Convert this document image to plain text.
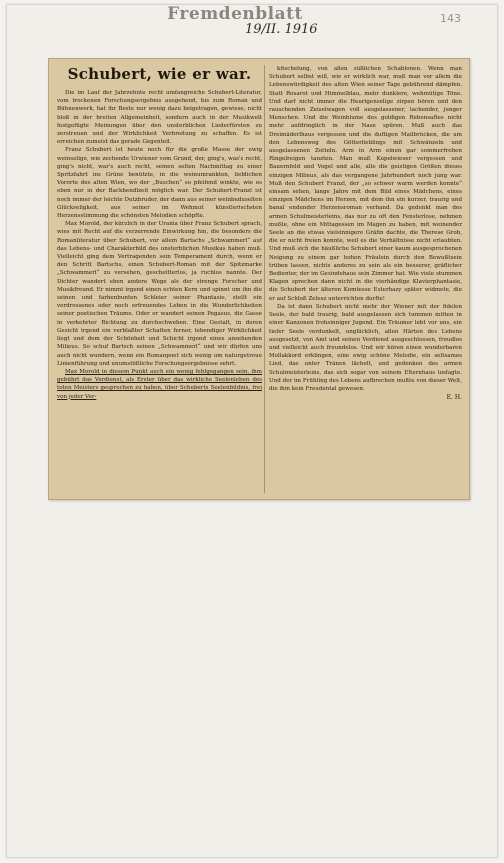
Fremdenblatt
19/II. 1916
143
Schubert, wie er war.

Die im Lauf der Jahrzehnte recht umfangreiche Schubert-Literatur, vom trockenen Forschungsergebnis ausgehend, bis zum Roman und Bühnenwerk, hat ihr Beste nur wenig dazu beigetragen, gewisse, nicht bloß in der breiten Allgemeinheit, sondern auch in der Musikwelt festgefügte Meinungen über den unsterblichen Liederfürsten zu zerstreuen und der Wirklichkeit Verbreitung zu schaffen. Es ist erreichen zumeist das gerade Gegenteil.

Franz Schubert ist heute noch für die große Masse der ewig weinselige, wie zechende Urwiener vom Grund, der, ging's, was's recht, ging's nicht, war's auch recht, seinen selten Nachmittag zu einer Spritzfahrt ins Grüne benützte, in die weinumrankten, lieblichen Vororte des alten Wien, wo der „Buschen“ so pfeifend winkte, wie es eben nur in der Backhendlzeit möglich war. Der Schubert-Franzl ist noch immer der leichte Dutzbruder, der dann aus seiner weinbeduselten Glückseligkeit, aus seiner im Wehmut künstlerischsten Herzensstimmung die schönsten Melodien schöpfte.

Max Morold, der kürzlich in der Urania über Franz Schubert sprach, wies mit Recht auf die verzerrende Einwirkung hin, die besonders die Romanliteratur über Schubert, vor allem Bartschs „Schwammerl“ auf das Lebens- und Charakterbild des unsterblichen Musikus haben muß. Vielleicht ging dem Vertragenden sein Temperament durch, wenn er den Schritt Bartschs, einen Schubert-Roman mit der Spitzmarke „Schwammerl“ zu versehen, gescheitterlos, ja ruchlos nannte. Der Dichter wandert eben andere Wege als der strenge Forscher und Musikfreund. Er nimmt irgend einen echten Kern und spinnt um ihn die seinen und farbenbunten Schleier seiner Phantasie, stellt ein verdrossenes oder noch erfreuendes Leben in die Wunderlichkeiten seiner poetischen Träume. Oder er wandert seinen Pegasus, die Gasse in verkehrter Richtung zu durchschweben. Eine Gestalt, in deren Gesicht irgend ein verblaßter Schatten ferner, lebendiger Wirklichkeit liegt und dem der Schönheit und Schicht irgend eines ansehenden Milieus. So schuf Bartsch seinen „Schwammerl“ und wir dürfen uns auch nicht wundern, wenn ein Romanpoet sich wenig um naturgetreue Linienführung und unumstößliche Forschungsergebnisse sehrt.

Max Morold in diesem Punkt auch ein wenig fehlgegangen sein, ihm gebührt das Verdienst, als Erster über das wirkliche Seelenleben des toten Meisters gesprochen zu haben, über Schuberts Seelenbildnis, frei von jeder Ver-

kitschelung, von allen süßlichen Schablonen. Wenn man Schubert selbst will, wie er wirklich war, muß man vor allem die Lebenswürdigkeit des alten Wien seiner Tage gebührend dämpfen. Statt Rosarot und Himmelblau, mehr dunklere, wehmütige Töne. Und darf nicht immer die Heurigenselige zirpen hören und den rauschenden Zeiselwagen voll ausgelassener, lachender, junger Menschen. Und die Weinblume des goldigen Rebensaftes nicht mehr aufdringlich in der Nase spüren. Muß auch das Dreimäderlhaus vergessen und die duftigen Mailbrücken, die um den Lebensweg des Götterlieblings mit Schwänzeln und ausgelassenen Zotteln. Arm in Arm einen gar sommerfrohen Ringelreigen tanzten. Man muß Kupelwieser vergessen und Bauernfeld und Vogel und alle, alle die geistigen Größen dieses einzigen Milieus, als das vergangene Jahrhundert noch jung war. Muß den Schubert Franzl, der „so schwer warm werden konnte“ einsam sehen, lange Jahre mit dem Bild eines Mädchens, eines einzigen Mädchens im Herzen, mit dem ihn ein kurzer, traurig und banal endender Herzensroman verband. Da gedenkt man des armen Schulmeisterleins, das nur zu oft den Fensterlose, nehmen mußte, ohne ein Mittagessen im Magen zu haben, mit weinender Seele an die etwas vielsinnigere Gräfin dachte, die Therese Grob, die er nicht freien konnte, weil es die Verhältnisse nicht erlaubten. Und muß sich die häußliche Schubert einer kaum ausgesprochenen Neigung zu einem gar hohen Fräulein durch den Bewußtsein trüben lassen, nichts anderes zu sein als ein besserer, gräflicher Bedienter, der im Gesindehaus sein Zimmer hat. Wie viele stummen Klagen sprechen dann nicht in die vierhändige Klavierphantasie, die Schubert der älteren Komtesse Esterhazy später widmete, die er auf Schloß Zelesz unterrichten durfte!

Da ist dann Schubert nicht mehr der Wiener mit der fidelen Seele, der bald traurig, bald ausgelassen sich tummen mitten in einer Kanzonen frohsinniger Jugend. Ein Träumer lebt vor uns, ein tiefer Seele verdunkelt, unglücklich, allen Härten des Lebens ausgesetzt, von Amt und seinen Verdienst ausgeschlossen, freudlos und vielleicht auch freundelos. Und wir hören einen wunderbaren Mollakkord erklingen, eine ewig schöne Melodie, ein seltsames Lied, das unter Tränen lächelt, und gedenken des armen Schulmeisterleins, das sich sogar von seinem Elternhaus losfagte. Und der im Frühling des Lebens aufbrechen mußte von dieser Welt, die ihm kein Freudental gewesen.

E. H.
